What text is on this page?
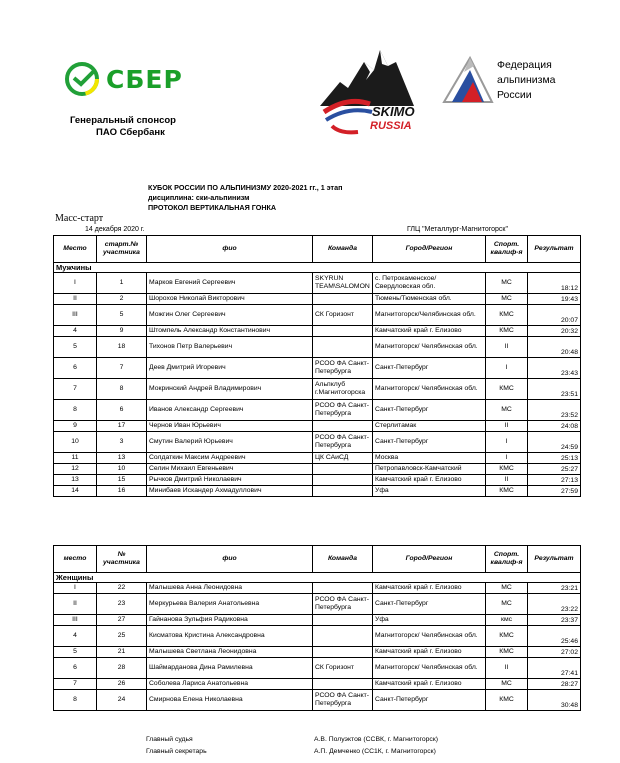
СБЕР
Генеральный спонсор
ПАО Сбербанк
SKIMO
RUSSIA
Федерация
альпинизма
России
КУБОК РОССИИ ПО АЛЬПИНИЗМУ 2020-2021 гг., 1 этап
дисциплина: ски-альпинизм
ПРОТОКОЛ ВЕРТИКАЛЬНАЯ ГОНКА
Масс-старт
14 декабря 2020 г.	ГЛЦ "Металлург-Магнитогорск"
Место	старт.№ участника	фио	Команда	Город/Регион	Спорт. квалиф-я	Результат
Мужчины						
I	1	Марков Евгений Сергеевич	SKYRUN TEAM\SALOMON	с. Петрокаменское/ Свердловская обл.	МС	18:12
II	2	Шорохов Николай Викторович		Тюмень/Тюменская обл.	МС	19:43
III	5	Можгин Олег Сергеевич	СК Горизонт	Магнитогорск/Челябинская обл.	КМС	20:07
4	9	Штомпель Александр Константинович		Камчатский край г. Елизово	КМС	20:32
5	18	Тихонов Петр Валерьевич		Магнитогорск/ Челябинская обл.	II	20:48
6	7	Деев Дмитрий Игоревич	РСОО ФА Санкт-Петербурга	Санкт-Петербург	I	23:43
7	8	Мокринский Андрей Владимирович	Альпклуб г.Магнитогорска	Магнитогорск/ Челябинская обл.	КМС	23:51
8	6	Иванов Александр Сергеевич	РСОО ФА Санкт-Петербурга	Санкт-Петербург	МС	23:52
9	17	Чернов Иван Юрьевич		Стерлитамак	II	24:08
10	3	Смутин Валерий Юрьевич	РСОО ФА Санкт-Петербурга	Санкт-Петербург	I	24:59
11	13	Солдаткин Максим Андреевич	ЦК САиСД	Москва	I	25:13
12	10	Селин Михаил Евгеньевич		Петропавловск-Камчатский	КМС	25:27
13	15	Рычков Дмитрий Николаевич		Камчатский край г. Елизово	II	27:13
14	16	Минибаев Искандер Ахмадуллович		Уфа	КМС	27:59
место	№ участника	фио	Команда	Город/Регион	Спорт. квалиф-я	Результат
Женщины						
I	22	Малышева Анна Леонидовна		Камчатский край г. Елизово	МС	23:21
II	23	Меркурьева Валерия Анатольевна	РСОО ФА Санкт-Петербурга	Санкт-Петербург	МС	23:22
III	27	Гайнанова Зульфия Радиковна		Уфа	кмс	23:37
4	25	Кисматова Кристина Александровна		Магнитогорск/ Челябинская обл.	КМС	25:46
5	21	Малышева Светлана Леонидовна		Камчатский край г. Елизово	КМС	27:02
6	28	Шаймарданова Дина Рамилевна	СК Горизонт	Магнитогорск/ Челябинская обл.	II	27:41
7	26	Соболева Лариса Анатольевна		Камчатский край г. Елизово	МС	28:27
8	24	Смирнова Елена Николаевна	РСОО ФА Санкт-Петербурга	Санкт-Петербург	КМС	30:48
Главный судья	А.В. Полуэктов (ССВК, г. Магнитогорск)
Главный секретарь	А.П. Демченко (СС1К, г. Магнитогорск)
